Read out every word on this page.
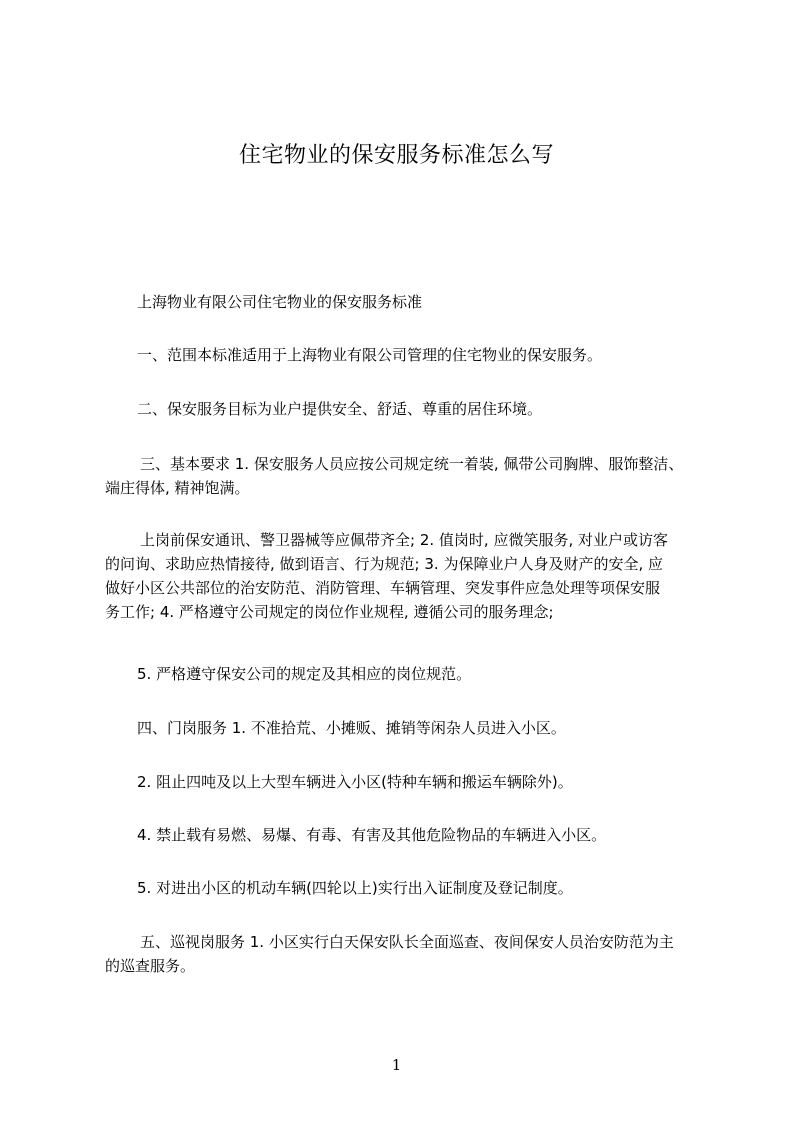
住宅物业的保安服务标准怎么写
上海物业有限公司住宅物业的保安服务标准
一、范围本标准适用于上海物业有限公司管理的住宅物业的保安服务。
二、保安服务目标为业户提供安全、舒适、尊重的居住环境。
三、基本要求 1. 保安服务人员应按公司规定统一着装, 佩带公司胸牌、服饰整洁、
端庄得体, 精神饱满。
上岗前保安通讯、警卫器械等应佩带齐全; 2. 值岗时, 应微笑服务, 对业户或访客
的问询、求助应热情接待, 做到语言、行为规范; 3. 为保障业户人身及财产的安全, 应
做好小区公共部位的治安防范、消防管理、车辆管理、突发事件应急处理等项保安服
务工作; 4. 严格遵守公司规定的岗位作业规程, 遵循公司的服务理念;
5. 严格遵守保安公司的规定及其相应的岗位规范。
四、门岗服务 1. 不准拾荒、小摊贩、摊销等闲杂人员进入小区。
2. 阻止四吨及以上大型车辆进入小区(特种车辆和搬运车辆除外)。
4. 禁止载有易燃、易爆、有毒、有害及其他危险物品的车辆进入小区。
5. 对进出小区的机动车辆(四轮以上)实行出入证制度及登记制度。
五、巡视岗服务 1. 小区实行白天保安队长全面巡查、夜间保安人员治安防范为主
的巡查服务。
1
